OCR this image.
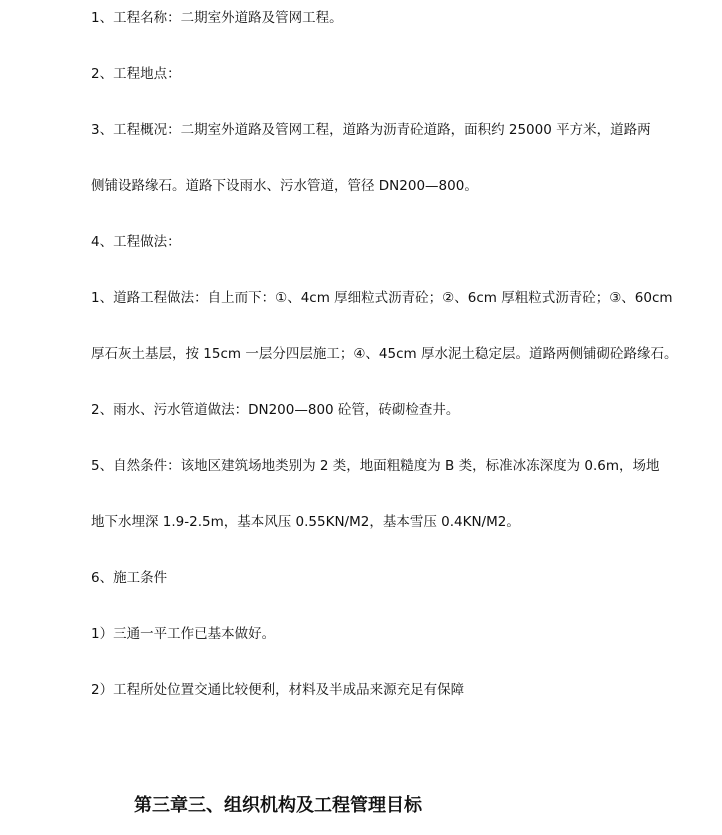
1、工程名称：二期室外道路及管网工程。

2、工程地点：

3、工程概况：二期室外道路及管网工程，道路为沥青砼道路，面积约 25000 平方米，道路两

侧铺设路缘石。道路下设雨水、污水管道，管径 DN200—800。

4、工程做法：

1、道路工程做法：自上而下：①、4cm 厚细粒式沥青砼；②、6cm 厚粗粒式沥青砼；③、60cm

厚石灰土基层，按 15cm 一层分四层施工；④、45cm 厚水泥土稳定层。道路两侧铺砌砼路缘石。

2、雨水、污水管道做法：DN200—800 砼管，砖砌检查井。

5、自然条件：该地区建筑场地类别为 2 类，地面粗糙度为 B 类，标准冰冻深度为 0.6m，场地

地下水埋深 1.9-2.5m，基本风压 0.55KN/M2，基本雪压 0.4KN/M2。

6、施工条件

1）三通一平工作已基本做好。

2）工程所处位置交通比较便利，材料及半成品来源充足有保障

第三章三、组织机构及工程管理目标
